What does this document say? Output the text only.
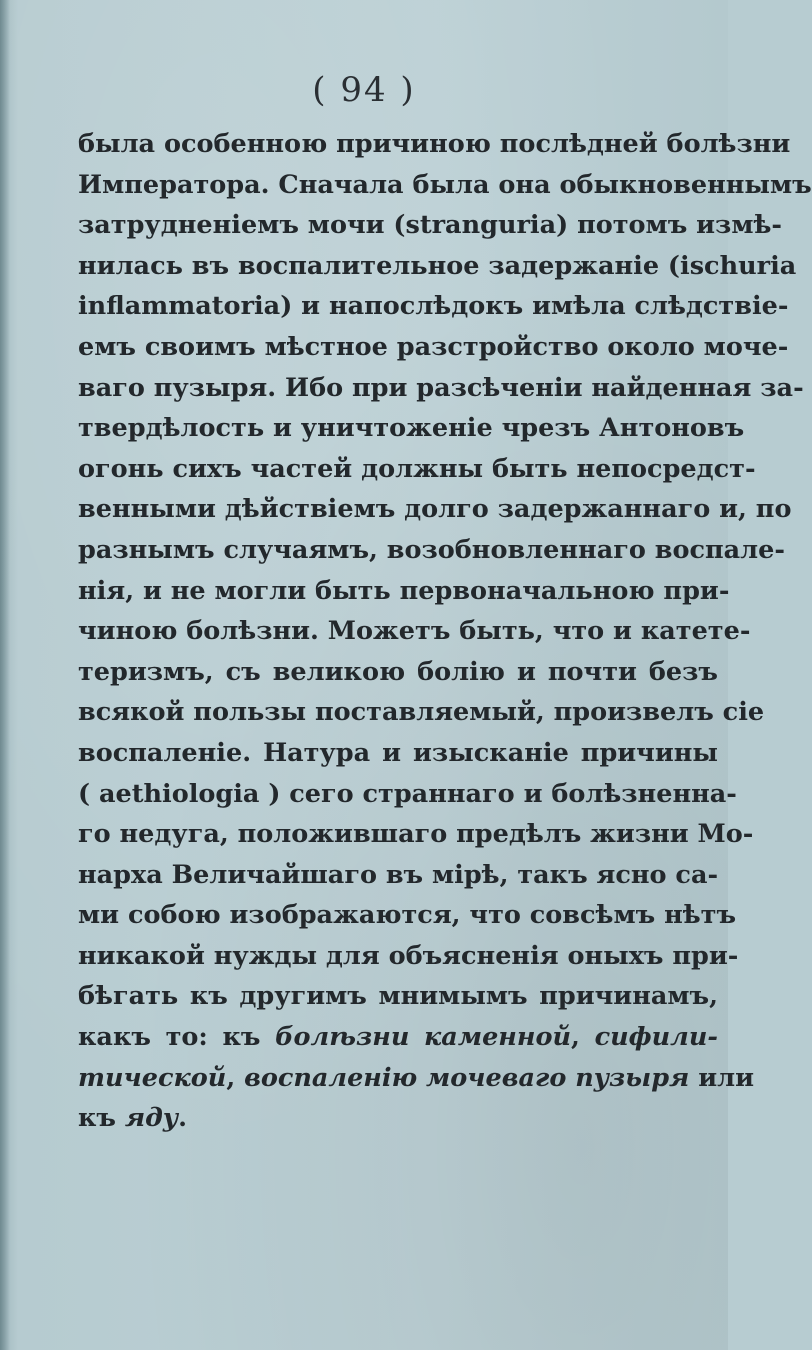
( 94 )
была особенною причиною послѣдней болѣзни
Императора. Сначала была она обыкновеннымъ
затрудненіемъ мочи (stranguria) потомъ измѣ-
нилась въ воспалительное задержаніе (ischuria
inflammatoria) и напослѣдокъ имѣла слѣдствіе-
емъ своимъ мѣстное разстройство около моче-
ваго пузыря. Ибо при разсѣченіи найденная за-
твердѣлость и уничтоженіе чрезъ Антоновъ
огонь сихъ частей должны быть непосредст-
венными дѣйствіемъ долго задержаннаго и, по
разнымъ случаямъ, возобновленнаго воспале-
нія, и не могли быть первоначальною при-
чиною болѣзни. Можетъ быть, что и катете-
теризмъ, съ великою болію и почти безъ
всякой пользы поставляемый, произвелъ сіе
воспаленіе. Натура и изысканіе причины
( aethiologia ) сего страннаго и болѣзненна-
го недуга, положившаго предѣлъ жизни Мо-
нарха Величайшаго въ мірѣ, такъ ясно са-
ми собою изображаются, что совсѣмъ нѣтъ
никакой нужды для объясненія оныхъ при-
бѣгать къ другимъ мнимымъ причинамъ,
какъ то: къ болѣзни каменной, сифили-
тической, воспаленію мочеваго пузыря или
къ яду.
